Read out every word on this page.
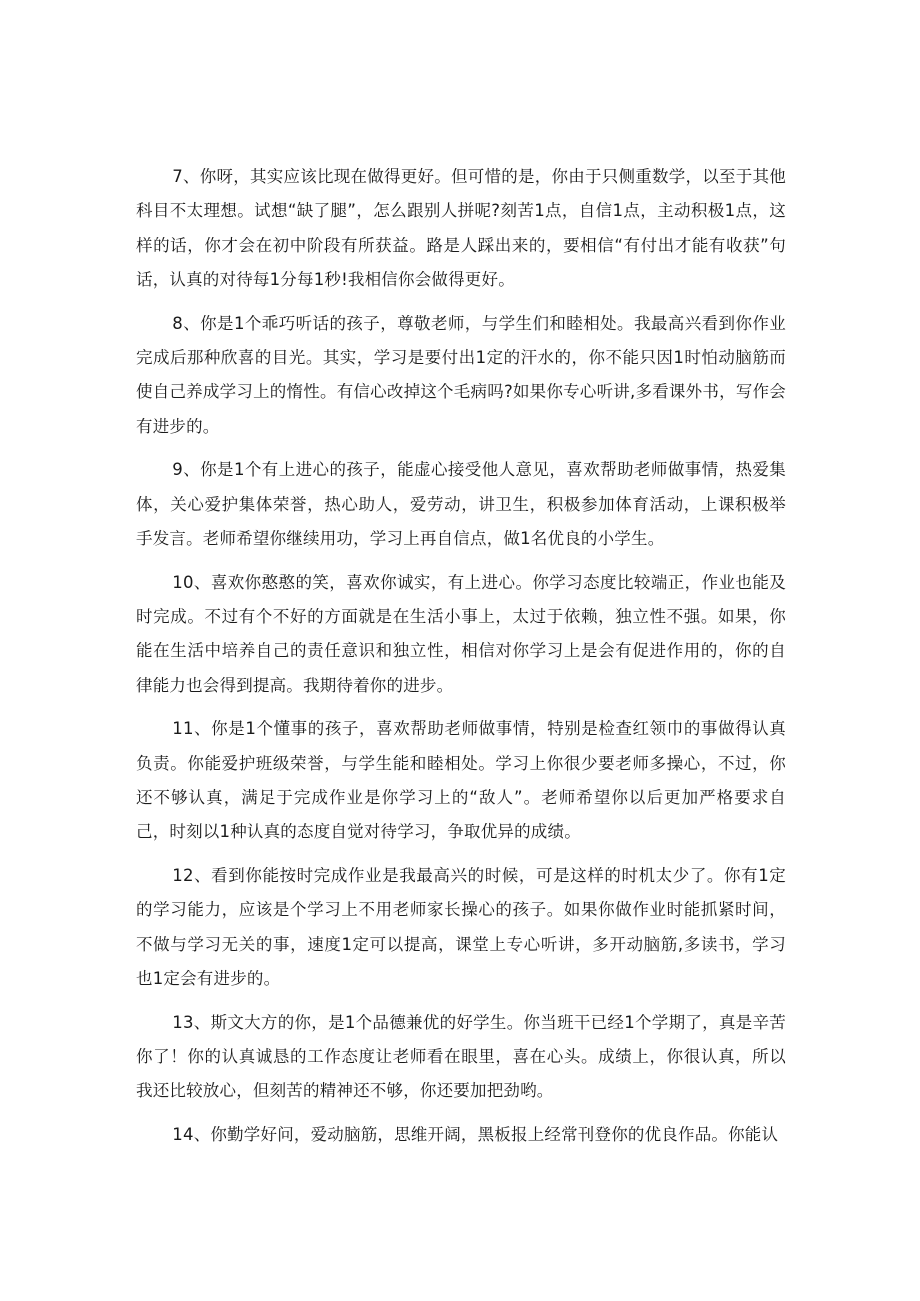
7、你呀，其实应该比现在做得更好。但可惜的是，你由于只侧重数学，以至于其他科目不太理想。试想“缺了腿”，怎么跟别人拼呢?刻苦1点，自信1点，主动积极1点，这样的话，你才会在初中阶段有所获益。路是人踩出来的，要相信“有付出才能有收获”句话，认真的对待每1分每1秒!我相信你会做得更好。

8、你是1个乖巧听话的孩子，尊敬老师，与学生们和睦相处。我最高兴看到你作业完成后那种欣喜的目光。其实，学习是要付出1定的汗水的，你不能只因1时怕动脑筋而使自己养成学习上的惰性。有信心改掉这个毛病吗?如果你专心听讲,多看课外书，写作会有进步的。

9、你是1个有上进心的孩子，能虚心接受他人意见，喜欢帮助老师做事情，热爱集体，关心爱护集体荣誉，热心助人，爱劳动，讲卫生，积极参加体育活动，上课积极举手发言。老师希望你继续用功，学习上再自信点，做1名优良的小学生。

10、喜欢你憨憨的笑，喜欢你诚实，有上进心。你学习态度比较端正，作业也能及时完成。不过有个不好的方面就是在生活小事上，太过于依赖，独立性不强。如果，你能在生活中培养自己的责任意识和独立性，相信对你学习上是会有促进作用的，你的自律能力也会得到提高。我期待着你的进步。

11、你是1个懂事的孩子，喜欢帮助老师做事情，特别是检查红领巾的事做得认真负责。你能爱护班级荣誉，与学生能和睦相处。学习上你很少要老师多操心，不过，你还不够认真，满足于完成作业是你学习上的“敌人”。老师希望你以后更加严格要求自己，时刻以1种认真的态度自觉对待学习，争取优异的成绩。

12、看到你能按时完成作业是我最高兴的时候，可是这样的时机太少了。你有1定的学习能力，应该是个学习上不用老师家长操心的孩子。如果你做作业时能抓紧时间，不做与学习无关的事，速度1定可以提高，课堂上专心听讲，多开动脑筋,多读书，学习也1定会有进步的。

13、斯文大方的你，是1个品德兼优的好学生。你当班干已经1个学期了，真是辛苦你了！你的认真诚恳的工作态度让老师看在眼里，喜在心头。成绩上，你很认真，所以我还比较放心，但刻苦的精神还不够，你还要加把劲哟。

14、你勤学好问，爱动脑筋，思维开阔，黑板报上经常刊登你的优良作品。你能认
